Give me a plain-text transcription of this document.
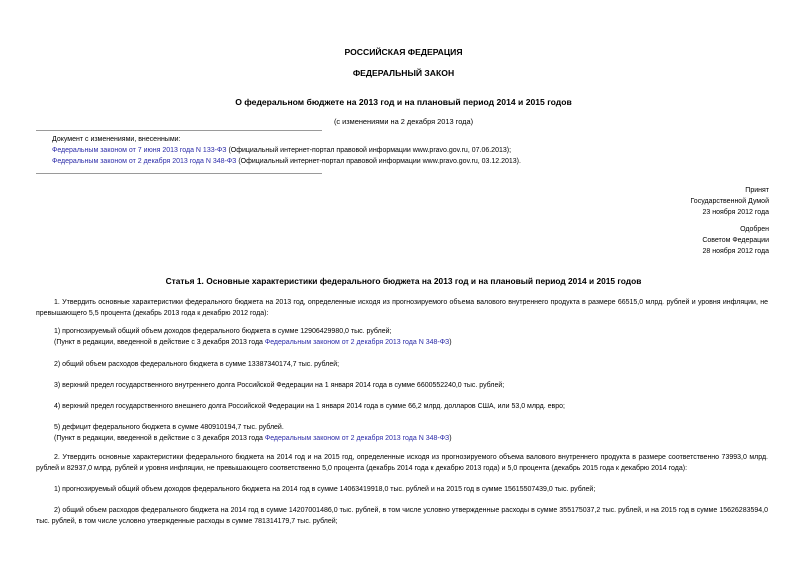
РОССИЙСКАЯ ФЕДЕРАЦИЯ
ФЕДЕРАЛЬНЫЙ ЗАКОН
О федеральном бюджете на 2013 год и на плановый период 2014 и 2015 годов
(с изменениями на 2 декабря 2013 года)
Документ с изменениями, внесенными:
Федеральным законом от 7 июня 2013 года N 133-ФЗ (Официальный интернет-портал правовой информации www.pravo.gov.ru, 07.06.2013);
Федеральным законом от 2 декабря 2013 года N 348-ФЗ (Официальный интернет-портал правовой информации www.pravo.gov.ru, 03.12.2013).
Принят
Государственной Думой
23 ноября 2012 года
Одобрен
Советом Федерации
28 ноября 2012 года
Статья 1. Основные характеристики федерального бюджета на 2013 год и на плановый период 2014 и 2015 годов
1. Утвердить основные характеристики федерального бюджета на 2013 год, определенные исходя из прогнозируемого объема валового внутреннего продукта в размере 66515,0 млрд. рублей и уровня инфляции, не превышающего 5,5 процента (декабрь 2013 года к декабрю 2012 года):
1) прогнозируемый общий объем доходов федерального бюджета в сумме 12906429980,0 тыс. рублей;
(Пункт в редакции, введенной в действие с 3 декабря 2013 года Федеральным законом от 2 декабря 2013 года N 348-ФЗ)
2) общий объем расходов федерального бюджета в сумме 13387340174,7 тыс. рублей;
3) верхний предел государственного внутреннего долга Российской Федерации на 1 января 2014 года в сумме 6600552240,0 тыс. рублей;
4) верхний предел государственного внешнего долга Российской Федерации на 1 января 2014 года в сумме 66,2 млрд. долларов США, или 53,0 млрд. евро;
5) дефицит федерального бюджета в сумме 480910194,7 тыс. рублей.
(Пункт в редакции, введенной в действие с 3 декабря 2013 года Федеральным законом от 2 декабря 2013 года N 348-ФЗ)
2. Утвердить основные характеристики федерального бюджета на 2014 год и на 2015 год, определенные исходя из прогнозируемого объема валового внутреннего продукта в размере соответственно 73993,0 млрд. рублей и 82937,0 млрд. рублей и уровня инфляции, не превышающего соответственно 5,0 процента (декабрь 2014 года к декабрю 2013 года) и 5,0 процента (декабрь 2015 года к декабрю 2014 года):
1) прогнозируемый общий объем доходов федерального бюджета на 2014 год в сумме 14063419918,0 тыс. рублей и на 2015 год в сумме 15615507439,0 тыс. рублей;
2) общий объем расходов федерального бюджета на 2014 год в сумме 14207001486,0 тыс. рублей, в том числе условно утвержденные расходы в сумме 355175037,2 тыс. рублей, и на 2015 год в сумме 15626283594,0 тыс. рублей, в том числе условно утвержденные расходы в сумме 781314179,7 тыс. рублей;
